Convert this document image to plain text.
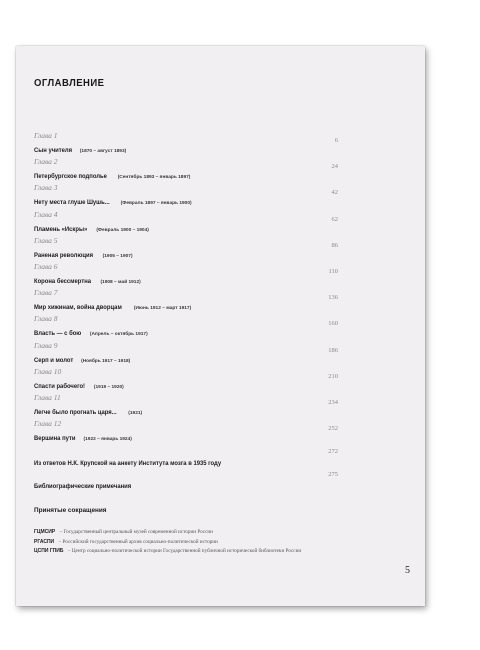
ОГЛАВЛЕНИЕ
Глава 1
Сын учителя (1870 – август 1893)
6
Глава 2
Петербургское подполье (Сентябрь 1893 – январь 1897)
24
Глава 3
Нету места глуше Шушь... (Февраль 1897 – январь 1900)
42
Глава 4
Пламень «Искры» (Февраль 1900 – 1904)
62
Глава 5
Раненая революция (1905 – 1907)
86
Глава 6
Корона бессмертна (1908 – май 1912)
110
Глава 7
Мир хижинам, война дворцам	(Июнь 1912 – март 1917)
136
Глава 8
Власть — с бою (Апрель – октябрь 1917)
160
Глава 9
Серп и молот (Ноябрь 1917 – 1918)
186
Глава 10
Спасти рабочего! (1919 – 1920)
210
Глава 11
Легче было прогнать царя... (1921)
234
Глава 12
Вершина пути (1922 – январь 1924)
252
Из ответов Н.К. Крупской на анкету Института мозга в 1935 году
272
Библиографические примечания
275
Принятые сокращения
ГЦМСИР – Государственный центральный музей современной истории России
РГАСПИ – Российский государственный архив социально-политической истории
ЦСПИ ГПИБ – Центр социально-политической истории Государственной публичной исторической библиотеки России
5
